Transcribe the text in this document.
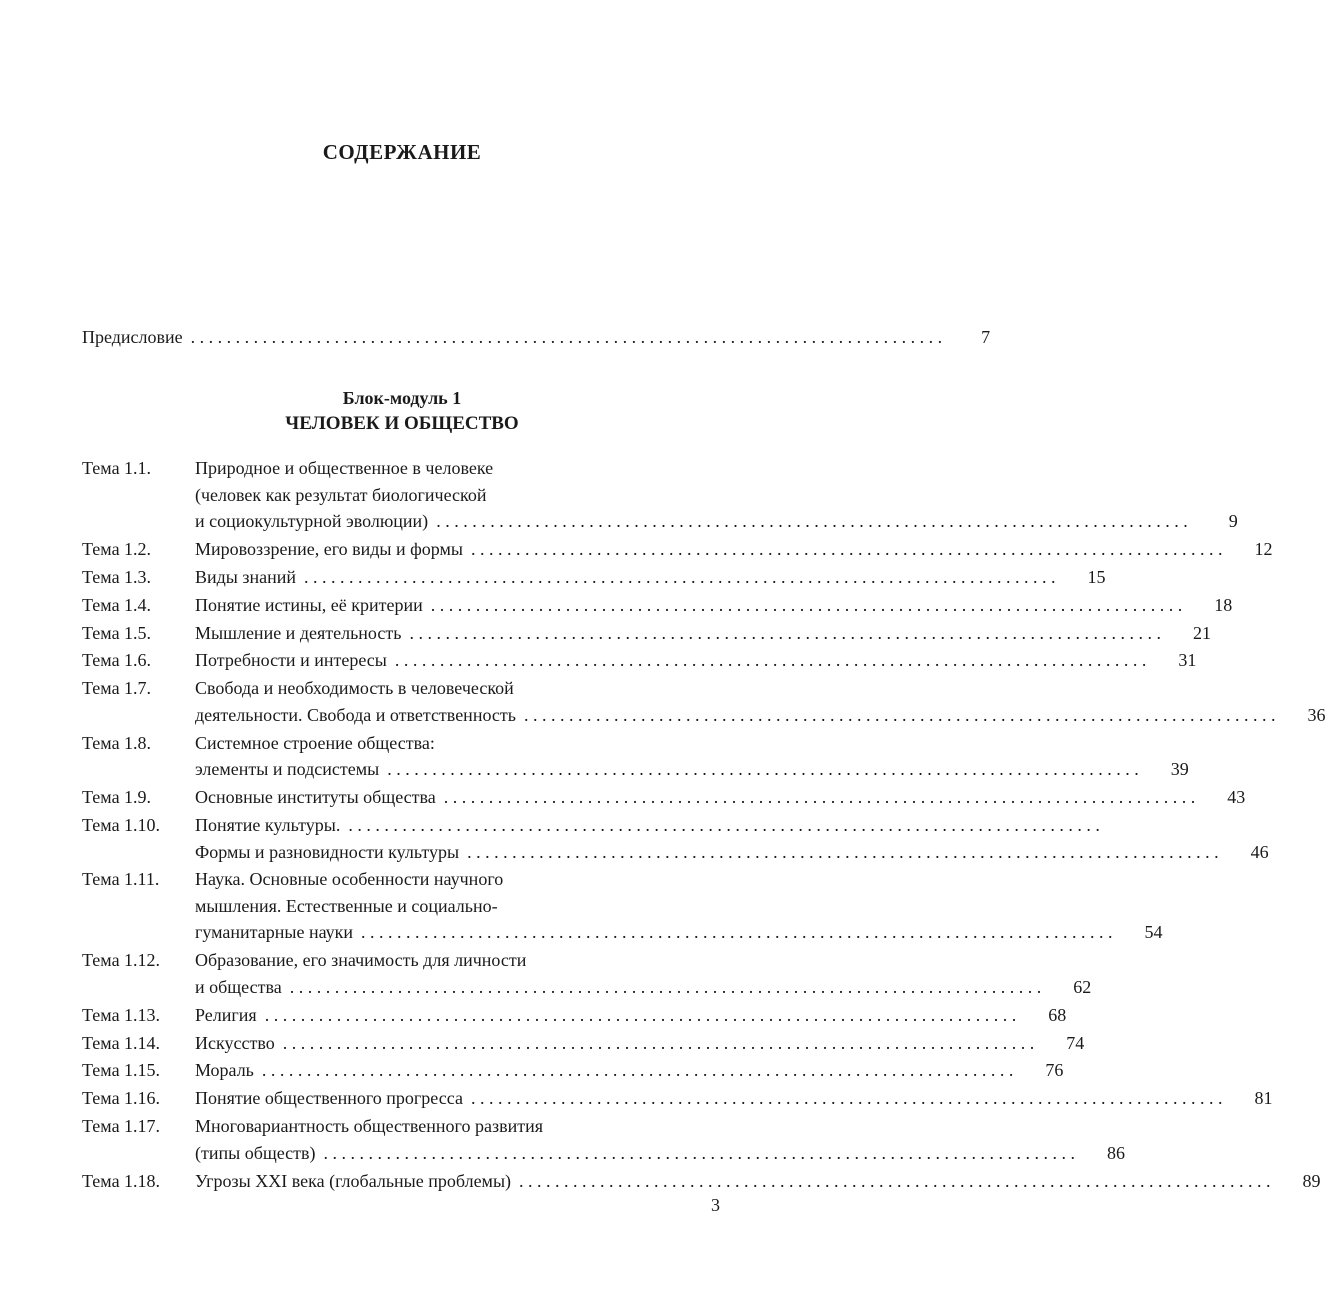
СОДЕРЖАНИЕ
Предисловие . . .	7
Блок-модуль 1
ЧЕЛОВЕК И ОБЩЕСТВО
Тема 1.1.	Природное и общественное в человеке
(человек как результат биологической
и социокультурной эволюции) . . .	9
Тема 1.2.	Мировоззрение, его виды и формы . . .	12
Тема 1.3.	Виды знаний . . .	15
Тема 1.4.	Понятие истины, её критерии . . .	18
Тема 1.5.	Мышление и деятельность . . .	21
Тема 1.6.	Потребности и интересы . . .	31
Тема 1.7.	Свобода и необходимость в человеческой
деятельности. Свобода и ответственность . . .	36
Тема 1.8.	Системное строение общества:
элементы и подсистемы . . .	39
Тема 1.9.	Основные институты общества . . .	43
Тема 1.10.	Понятие культуры.
. . .
Формы и разновидности культуры . . .	46
Тема 1.11.	Наука. Основные особенности научного
мышления. Естественные и социально-
гуманитарные науки . . .	54
Тема 1.12.	Образование, его значимость для личности
и общества . . .	62
Тема 1.13.	Религия . . .	68
Тема 1.14.	Искусство . . .	74
Тема 1.15.	Мораль . . .	76
Тема 1.16.	Понятие общественного прогресса . . .	81
Тема 1.17.	Многовариантность общественного развития
(типы обществ) . . .	86
Тема 1.18.	Угрозы XXI века (глобальные проблемы) . . .	89
3
